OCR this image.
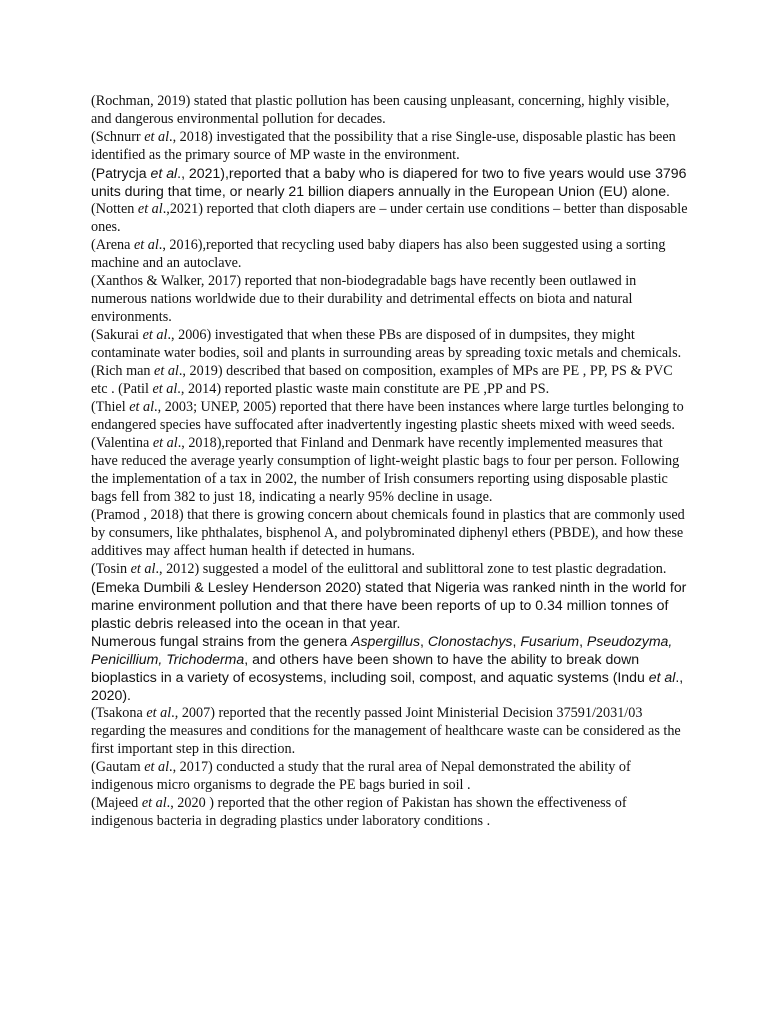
(Rochman, 2019) stated that plastic pollution has been causing unpleasant, concerning, highly visible, and dangerous environmental pollution for decades.

(Schnurr et al., 2018) investigated that the possibility that a rise Single-use, disposable plastic has been identified as the primary source of MP waste in the environment.

(Patrycja et al., 2021),reported that a baby who is diapered for two to five years would use 3796 units during that time, or nearly 21 billion diapers annually in the European Union (EU) alone.

(Notten et al.,2021) reported that cloth diapers are – under certain use conditions – better than disposable ones.

(Arena et al., 2016),reported that recycling used baby diapers has also been suggested using a sorting machine and an autoclave.

(Xanthos & Walker, 2017) reported that non-biodegradable bags have recently been outlawed in numerous nations worldwide due to their durability and detrimental effects on biota and natural environments.

(Sakurai et al., 2006) investigated that when these PBs are disposed of in dumpsites, they might contaminate water bodies, soil and plants in surrounding areas by spreading toxic metals and chemicals.

(Rich man et al., 2019) described that based on composition, examples of MPs are PE , PP, PS & PVC etc . (Patil et al., 2014) reported plastic waste main constitute are PE ,PP and PS.

(Thiel et al., 2003; UNEP, 2005) reported that there have been instances where large turtles belonging to endangered species have suffocated after inadvertently ingesting plastic sheets mixed with weed seeds.

(Valentina et al., 2018),reported that Finland and Denmark have recently implemented measures that have reduced the average yearly consumption of light-weight plastic bags to four per person. Following the implementation of a tax in 2002, the number of Irish consumers reporting using disposable plastic bags fell from 382 to just 18, indicating a nearly 95% decline in usage.

(Pramod , 2018) that there is growing concern about chemicals found in plastics that are commonly used by consumers, like phthalates, bisphenol A, and polybrominated diphenyl ethers (PBDE), and how these additives may affect human health if detected in humans.

(Tosin et al., 2012) suggested a model of the eulittoral and sublittoral zone to test plastic degradation.

(Emeka Dumbili & Lesley Henderson 2020) stated that Nigeria was ranked ninth in the world for marine environment pollution and that there have been reports of up to 0.34 million tonnes of plastic debris released into the ocean in that year.

Numerous fungal strains from the genera Aspergillus, Clonostachys, Fusarium, Pseudozyma, Penicillium, Trichoderma, and others have been shown to have the ability to break down bioplastics in a variety of ecosystems, including soil, compost, and aquatic systems (Indu et al., 2020).

(Tsakona et al., 2007) reported that the recently passed Joint Ministerial Decision 37591/2031/03 regarding the measures and conditions for the management of healthcare waste can be considered as the first important step in this direction.

(Gautam et al., 2017) conducted a study that the rural area of Nepal demonstrated the ability of indigenous micro organisms to degrade the PE bags buried in soil .

(Majeed et al., 2020 ) reported that the other region of Pakistan has shown the effectiveness of indigenous bacteria in degrading plastics under laboratory conditions .
